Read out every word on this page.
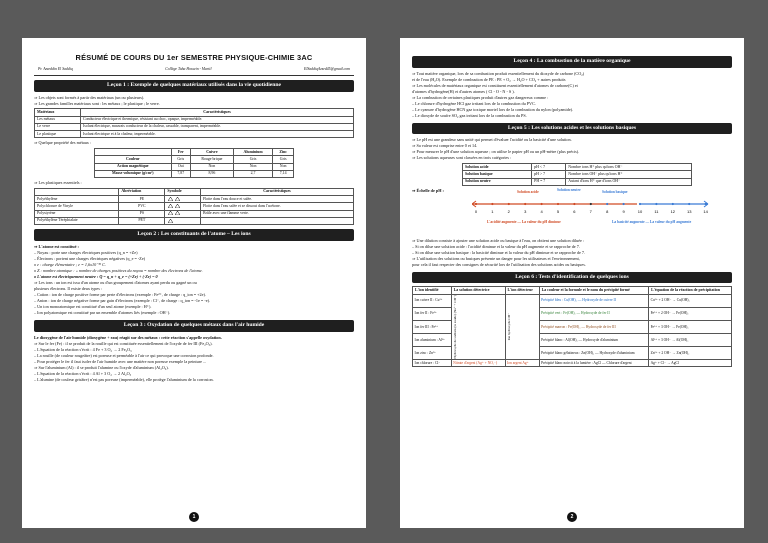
RÉSUMÉ DE COURS DU 1er SEMESTRE PHYSIQUE-CHIMIE 3AC
Pr. Azzeddin El Saddiq	Collège Taha Hossein - Martil	ElSaddiqAzzed45@gmail.com
Leçon 1 : Exemple de quelques matériaux utilisés dans la vie quotidienne
⇒ Les objets sont formés à partir des matériaux (un ou plusieurs).
⇒ Les grandes familles matériaux sont : les métaux ; le plastique ; le verre.
Matériaux	Caractéristiques
Les métaux	Conducteur électrique et thermique, résistant au choc, opaque, imperméable.
Le verre	Isolant électrique, mauvais conducteur de la chaleur, cassable, transparent, imperméable.
Le plastique	Isolant électrique et à la chaleur, imperméable.
⇒ Quelque propriété des métaux :
	Fer	Cuivre	Aluminium	Zinc
Couleur	Gris	Rouge brique	Gris	Gris
Action magnétique	Oui	Non	Non	Non
Masse volumique (g/cm³)	7,87	8,96	2,7	7,14
⇒ Les plastiques essentiels :
	Abréviation	Symbole	Caractéristiques
Polyéthylène	PE		Flotte dans l'eau douce et salée.
Polychlorure de Vinyle	PVC		Flotte dans l'eau salée et se dissout dans l'acétone.
Polystyrène	PS		Brûle avec une flamme verte.
Polyéthylène Téréphtalate	PET		
Leçon 2 : Les constituants de l'atome – Les ions
⇒ L'atome est constitué :
– Noyau : porte une charges électriques positives (q_n = +Ze)
– Électrons : portent une charges électriques négatives (q_e = -Ze)
o e : charge élémentaire ; e = 1,6x10⁻¹⁹ C.
o Z : nombre atomique : « nombre de charges positives du noyau = nombre des électrons de l'atome.
o L'atome est électriquement neutre : Q = q_n + q_e = (+Ze) + (-Ze) = 0
⇒ Les ions : un ion est issu d'un atome ou d'un groupement d'atomes ayant perdu ou gagné un ou
plusieurs électrons. Il existe deux types :
– Cation : ion de charge positive forme par perte d'électrons (exemple : Fe²⁺, de charge : q_ion = +2e).
– Anion : ion de charge négative forme par gain d'électrons (exemple : Cl⁻, de charge : q_ion = -1e = -e).
– Un ion monoatomique est constitué d'un seul atome (exemple : H⁺).
– Ion polyatomique est constitué par un ensemble d'atomes liés (exemple : OH⁻).
Leçon 3 : Oxydation de quelques métaux dans l'air humide
Le dioxygène de l'air humide (dioxygène + eau) réagit sur des métaux : cette réaction s'appelle oxydation.
⇒ Sur le fer (Fe) : il se produit de la rouille qui est constituée essentiellement de l'oxyde de fer III (Fe₂O₃).
– L'équation de la réaction s'écrit : 4 Fe + 3 O₂ → 2 Fe₂O₃
– La rouille (de couleur rougeâtre) est poreuse et perméable à l'air ce qui provoque une corrosion profonde.
– Pour protéger le fer il faut isoler de l'air humide avec une matière non poreuse exemple la peinture ...
⇒ Sur l'aluminium (Al) : il se produit l'alumine ou l'oxyde d'aluminium (Al₂O₃).
– L'équation de la réaction s'écrit : 4 Al + 3 O₂ → 2 Al₂O₃
– L'alumine (de couleur grisâtre) n'est pas poreuse (imperméable), elle protège l'aluminium de la corrosion.
1
Leçon 4 : La combustion de la matière organique
⇒ Tout matière organique, lors de sa combustion produit essentiellement du dioxyde de carbone (CO₂)
et de l'eau (H₂O). Exemple de combustion de PE : PE + O₂ → H₂O + CO₂ + autres produits
⇒ Les molécules de matériaux organique est constituent essentiellement d'atomes de carbone(C) et
d'atomes d'hydrogène(H) et d'autres atomes ( Cl - O - N - S ).
⇒ La combustion de certaines plastiques produit d'autres gaz dangereux comme :
– Le chlorure d'hydrogène HCl gaz irritant lors de la combustion du PVC.
– Le cyanure d'hydrogène HCN gaz toxique mortel lors de la combustion du nylon (polyamide).
– Le dioxyde de soufre SO₂ gaz irritant lors de la combustion du PS.
Leçon 5 : Les solutions acides et les solutions basiques
⇒ Le pH est une grandeur sans unité qui permet d'évaluer l'acidité ou la basicité d'une solution.
⇒ Sa valeur est comprise entre 0 et 14.
⇒ Pour mesurer le pH d'une solution aqueuse ; on utilise le papier pH ou un pH-mètre (plus précis).
⇒ Les solutions aqueuses sont classées en trois catégories :
Solution acide	pH < 7	Nombre ions H⁺ plus qu'ions OH⁻
Solution basique	pH > 7	Nombre ions OH⁻ plus qu'ions H⁺
Solution neutre	PH = 7	Autant d'ions H⁺ que d'ions OH⁻
⇒ Échelle de pH :	Solution acide	Solution neutre	Solution basique
0	1	2	3	4	5	6	7	8	9	10	11	12	13	14
L'acidité augmente — La valeur du pH diminue	La basicité augmente — La valeur du pH augmente
⇒ Une dilution consiste à ajouter une solution acide ou basique à l'eau, on obtient une solution diluée :
– Si on dilue une solution acide : l'acidité diminue et la valeur du pH augmente et se rapproche de 7.
– Si on dilue une solution basique : la basicité diminue et la valeur du pH diminue et se rapproche de 7.
⇒ L'utilisation des solutions ou basiques présente un danger pour les utilisateurs et l'environnement,
pour cela il faut respecter des consignes de sécurité lors de l'utilisation des solutions acides ou basiques.
Leçon 6 : Tests d'identification de quelques ions
L'ion identifié	La solution détectrice	L'ion détecteur	La couleur et la formule et le nom du précipité formé	L'équation de la réaction de précipitation
Ion cuivre II : Cu²⁺	Hydroxyde de sodium (la soude) (Na⁺ + OH⁻)	Ion hydroxyde OH⁻	Précipité bleu : Cu(OH)₂ — Hydroxyde de cuivre II	Cu²⁺ + 2 OH⁻ → Cu(OH)₂
Ion fer II : Fe²⁺			Précipité vert : Fe(OH)₂ — Hydroxyde de fer II	Fe²⁺ + 2 OH⁻ → Fe(OH)₂
Ion fer III : Fe³⁺			Précipité marron : Fe(OH)₃ — Hydroxyde de fer III	Fe³⁺ + 3 OH⁻ → Fe(OH)₃
Ion aluminium : Al³⁺			Précipité blanc : Al(OH)₃ — Hydroxyde d'aluminium	Al³⁺ + 3 OH⁻ → Al(OH)₃
Ion zinc : Zn²⁺			Précipité blanc gélatineux : Zn(OH)₂ — Hydroxyde d'aluminium	Zn²⁺ + 2 OH⁻ → Zn(OH)₂
Ion chlorure : Cl⁻	Nitrate d'argent (Ag⁺ + NO₃⁻)	Ion argent Ag⁺	Précipité blanc noircit à la lumière : AgCl — Chlorure d'argent	Ag⁺ + Cl⁻ → AgCl
2
